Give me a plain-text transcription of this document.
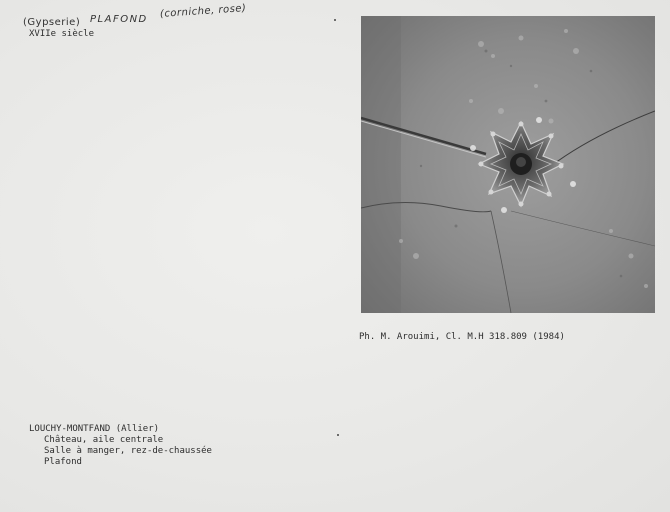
(Gypserie) PLAFOND (corniche, rose)
XVIIe siècle
Ph. M. Arouimi, Cl. M.H 318.809 (1984)
LOUCHY-MONTFAND (Allier)
Château, aile centrale
Salle à manger, rez-de-chaussée
Plafond
